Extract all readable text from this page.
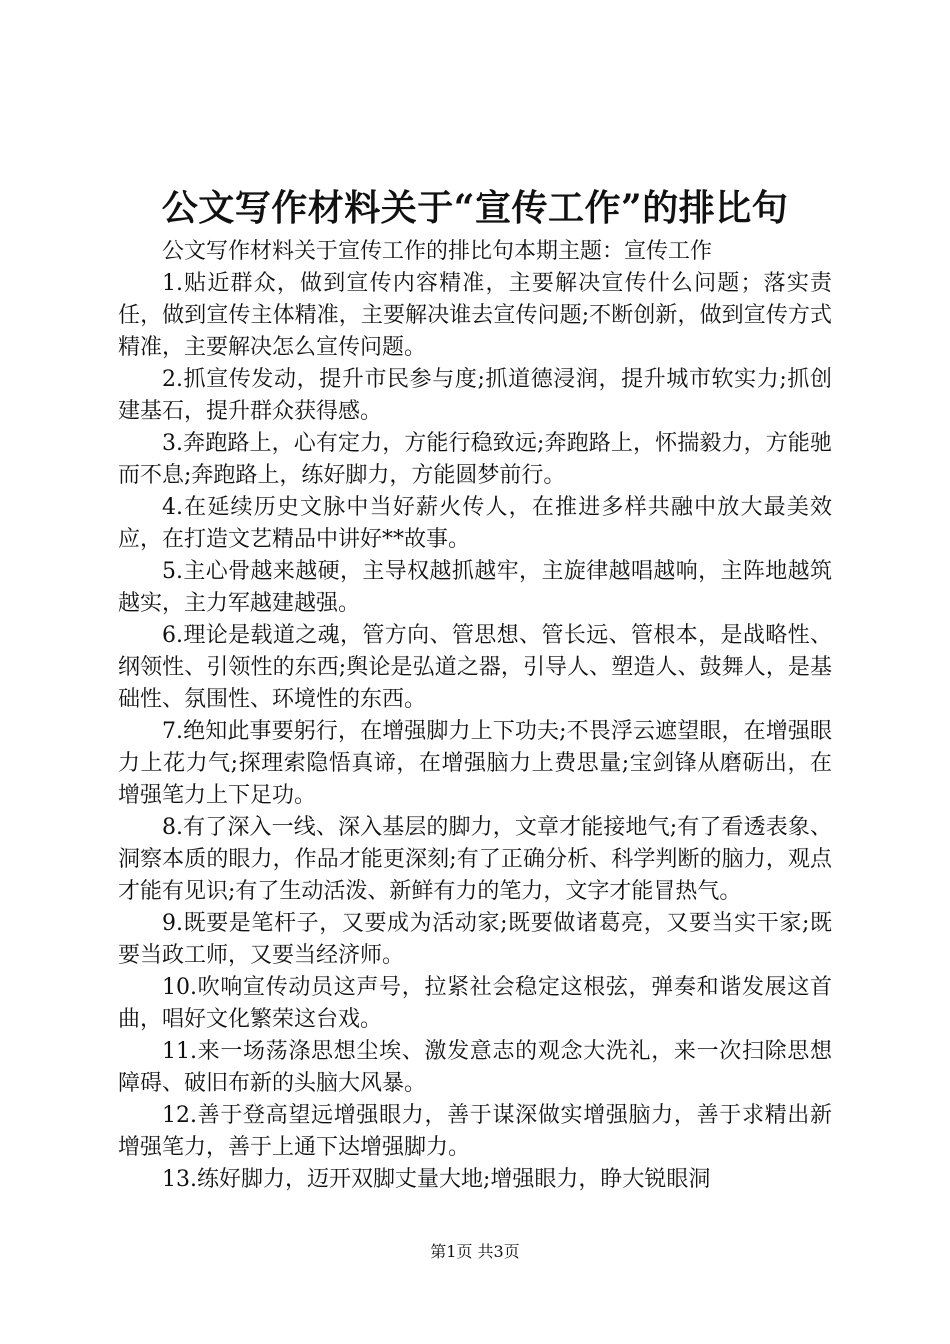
公文写作材料关于“宣传工作”的排比句

公文写作材料关于宣传工作的排比句本期主题：宣传工作

1.贴近群众，做到宣传内容精准，主要解决宣传什么问题；落实责任，做到宣传主体精准，主要解决谁去宣传问题;不断创新，做到宣传方式精准，主要解决怎么宣传问题。

2.抓宣传发动，提升市民参与度;抓道德浸润，提升城市软实力;抓创建基石，提升群众获得感。

3.奔跑路上，心有定力，方能行稳致远;奔跑路上，怀揣毅力，方能驰而不息;奔跑路上，练好脚力，方能圆梦前行。

4.在延续历史文脉中当好薪火传人，在推进多样共融中放大最美效应，在打造文艺精品中讲好**故事。

5.主心骨越来越硬，主导权越抓越牢，主旋律越唱越响，主阵地越筑越实，主力军越建越强。

6.理论是载道之魂，管方向、管思想、管长远、管根本，是战略性、纲领性、引领性的东西;舆论是弘道之器，引导人、塑造人、鼓舞人，是基础性、氛围性、环境性的东西。

7.绝知此事要躬行，在增强脚力上下功夫;不畏浮云遮望眼，在增强眼力上花力气;探理索隐悟真谛，在增强脑力上费思量;宝剑锋从磨砺出，在增强笔力上下足功。

8.有了深入一线、深入基层的脚力，文章才能接地气;有了看透表象、洞察本质的眼力，作品才能更深刻;有了正确分析、科学判断的脑力，观点才能有见识;有了生动活泼、新鲜有力的笔力，文字才能冒热气。

9.既要是笔杆子，又要成为活动家;既要做诸葛亮，又要当实干家;既要当政工师，又要当经济师。

10.吹响宣传动员这声号，拉紧社会稳定这根弦，弹奏和谐发展这首曲，唱好文化繁荣这台戏。

11.来一场荡涤思想尘埃、激发意志的观念大洗礼，来一次扫除思想障碍、破旧布新的头脑大风暴。

12.善于登高望远增强眼力，善于谋深做实增强脑力，善于求精出新增强笔力，善于上通下达增强脚力。

13.练好脚力，迈开双脚丈量大地;增强眼力，睁大锐眼洞

第1页 共3页
